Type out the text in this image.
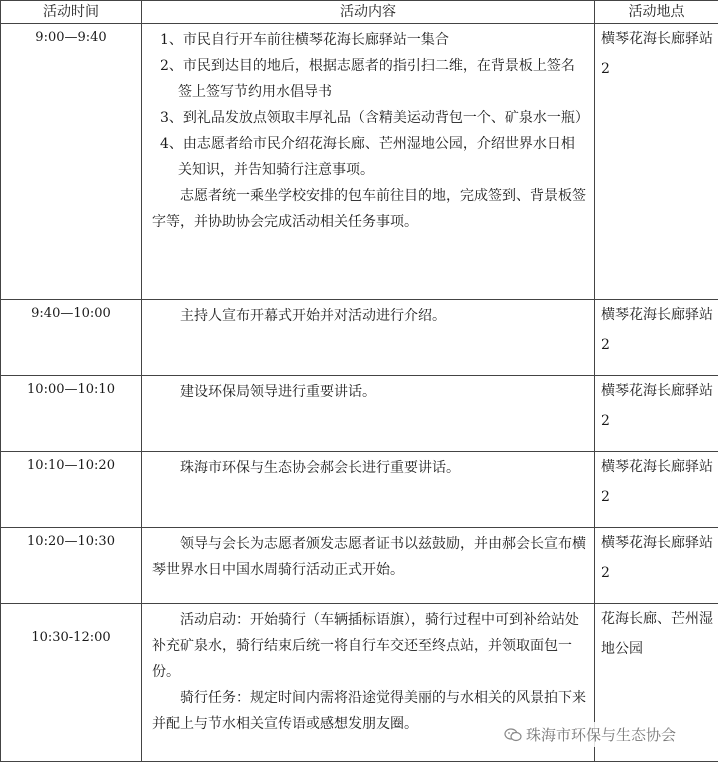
活动时间	活动内容	活动地点
9:00—9:40	1、市民自行开车前往横琴花海长廊驿站一集合

2、市民到达目的地后，根据志愿者的指引扫二维，在背景板上签名签上签写节约用水倡导书

3、到礼品发放点领取丰厚礼品（含精美运动背包一个、矿泉水一瓶）

4、由志愿者给市民介绍花海长廊、芒州湿地公园，介绍世界水日相关知识，并告知骑行注意事项。

志愿者统一乘坐学校安排的包车前往目的地，完成签到、背景板签字等，并协助协会完成活动相关任务事项。	横琴花海长廊驿站 2
9:40—10:00	主持人宣布开幕式开始并对活动进行介绍。	横琴花海长廊驿站 2
10:00—10:10	建设环保局领导进行重要讲话。	横琴花海长廊驿站 2
10:10—10:20	珠海市环保与生态协会郝会长进行重要讲话。	横琴花海长廊驿站 2
10:20—10:30	领导与会长为志愿者颁发志愿者证书以兹鼓励，并由郝会长宣布横琴世界水日中国水周骑行活动正式开始。	横琴花海长廊驿站 2
10:30-12:00	活动启动：开始骑行（车辆插标语旗），骑行过程中可到补给站处补充矿泉水，骑行结束后统一将自行车交还至终点站，并领取面包一份。

骑行任务：规定时间内需将沿途觉得美丽的与水相关的风景拍下来并配上与节水相关宣传语或感想发朋友圈。	花海长廊、芒州湿地公园
珠海市环保与生态协会
